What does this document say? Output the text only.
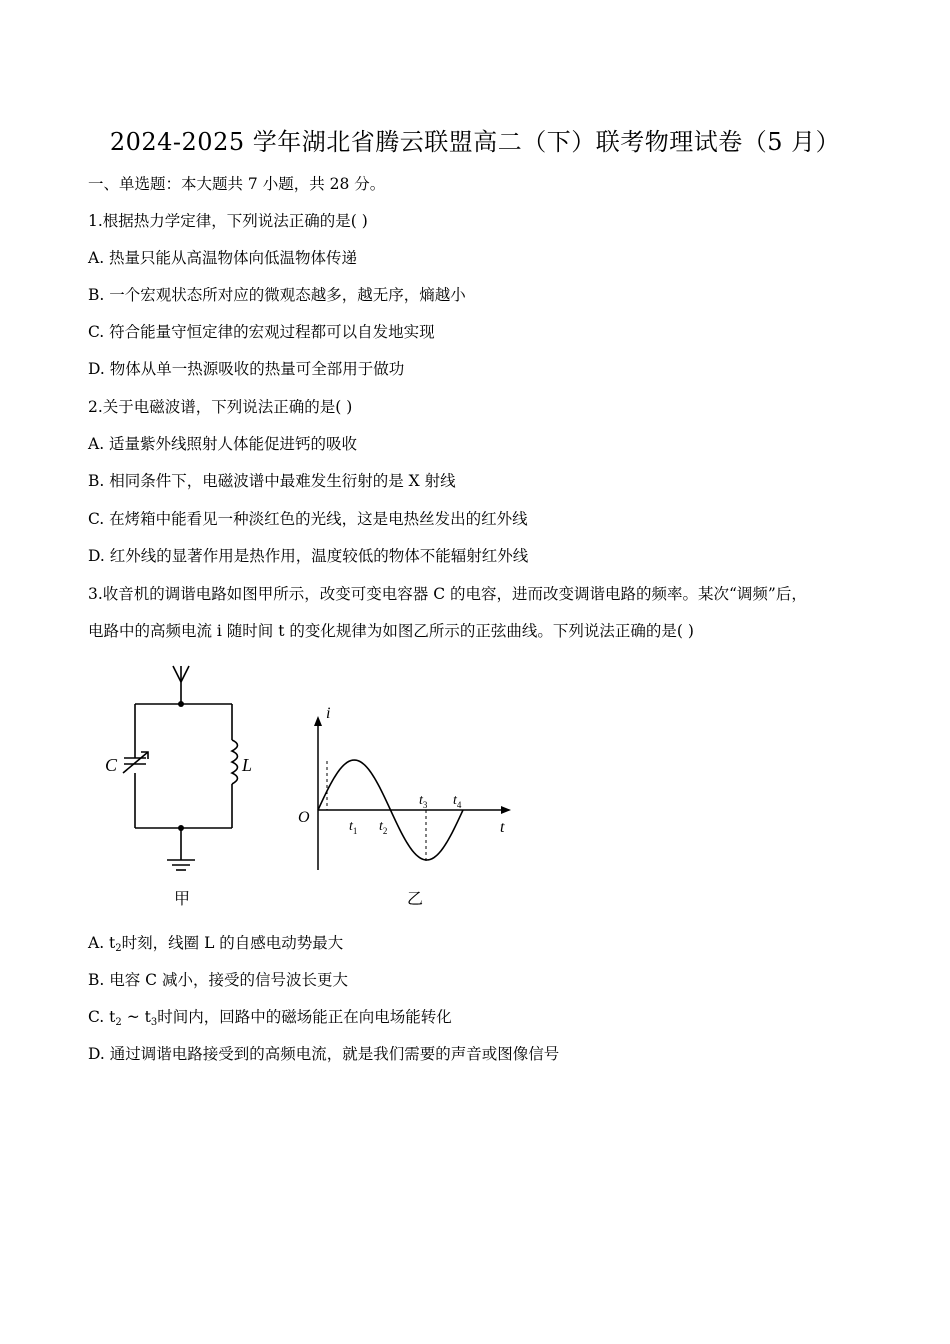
2024-2025 学年湖北省腾云联盟高二（下）联考物理试卷（5 月）
一、单选题：本大题共 7 小题，共 28 分。
1.根据热力学定律，下列说法正确的是( )
A. 热量只能从高温物体向低温物体传递
B. 一个宏观状态所对应的微观态越多，越无序，熵越小
C. 符合能量守恒定律的宏观过程都可以自发地实现
D. 物体从单一热源吸收的热量可全部用于做功
2.关于电磁波谱，下列说法正确的是( )
A. 适量紫外线照射人体能促进钙的吸收
B. 相同条件下，电磁波谱中最难发生衍射的是 X 射线
C. 在烤箱中能看见一种淡红色的光线，这是电热丝发出的红外线
D. 红外线的显著作用是热作用，温度较低的物体不能辐射红外线
3.收音机的调谐电路如图甲所示，改变可变电容器 C 的电容，进而改变调谐电路的频率。某次“调频”后，
电路中的高频电流 i 随时间 t 的变化规律为如图乙所示的正弦曲线。下列说法正确的是( )
C	L
甲
i
t
O
$t_1$ $t_2$
$t_3$ $t_4$
乙
A. $t_2$时刻，线圈 L 的自感电动势最大
B. 电容 C 减小，接受的信号波长更大
C. $t_2$ ~ $t_3$时间内，回路中的磁场能正在向电场能转化
D. 通过调谐电路接受到的高频电流，就是我们需要的声音或图像信号
